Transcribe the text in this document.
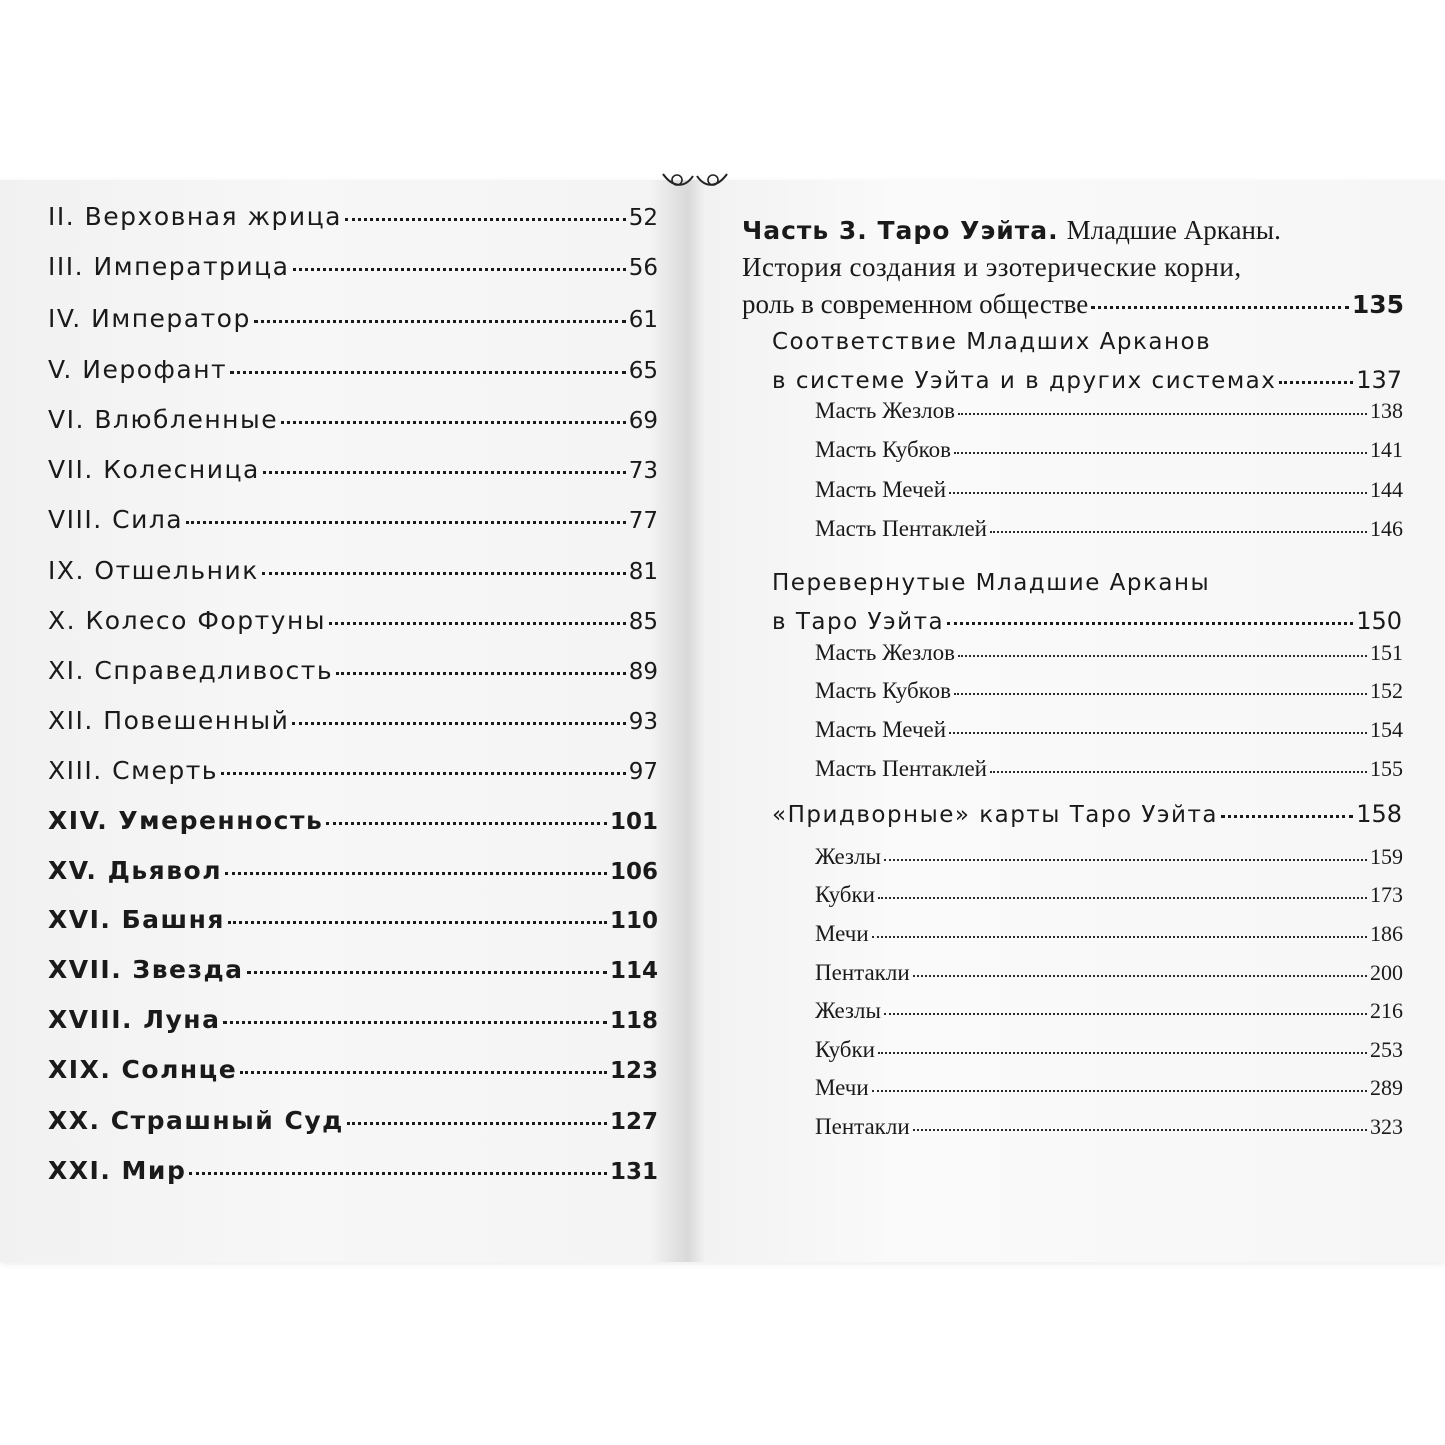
II. Верховная жрица	52
III. Императрица	56
IV. Император	61
V. Иерофант	65
VI. Влюбленные	69
VII. Колесница	73
VIII. Сила	77
IX. Отшельник	81
X. Колесо Фортуны	85
XI. Справедливость	89
XII. Повешенный	93
XIII. Смерть	97
XIV. Умеренность	101
XV. Дьявол	106
XVI. Башня	110
XVII. Звезда	114
XVIII. Луна	118
XIX. Солнце	123
XX. Страшный Суд	127
XXI. Мир	131
Часть 3. Таро Уэйта. Младшие Арканы.
История создания и эзотерические корни,
роль в современном обществе	135
Соответствие Младших Арканов
в системе Уэйта и в других системах	137
Масть Жезлов	138
Масть Кубков	141
Масть Мечей	144
Масть Пентаклей	146
Перевернутые Младшие Арканы
в Таро Уэйта	150
Масть Жезлов	151
Масть Кубков	152
Масть Мечей	154
Масть Пентаклей	155
«Придворные» карты Таро Уэйта	158
Жезлы	159
Кубки	173
Мечи	186
Пентакли	200
Жезлы	216
Кубки	253
Мечи	289
Пентакли	323
